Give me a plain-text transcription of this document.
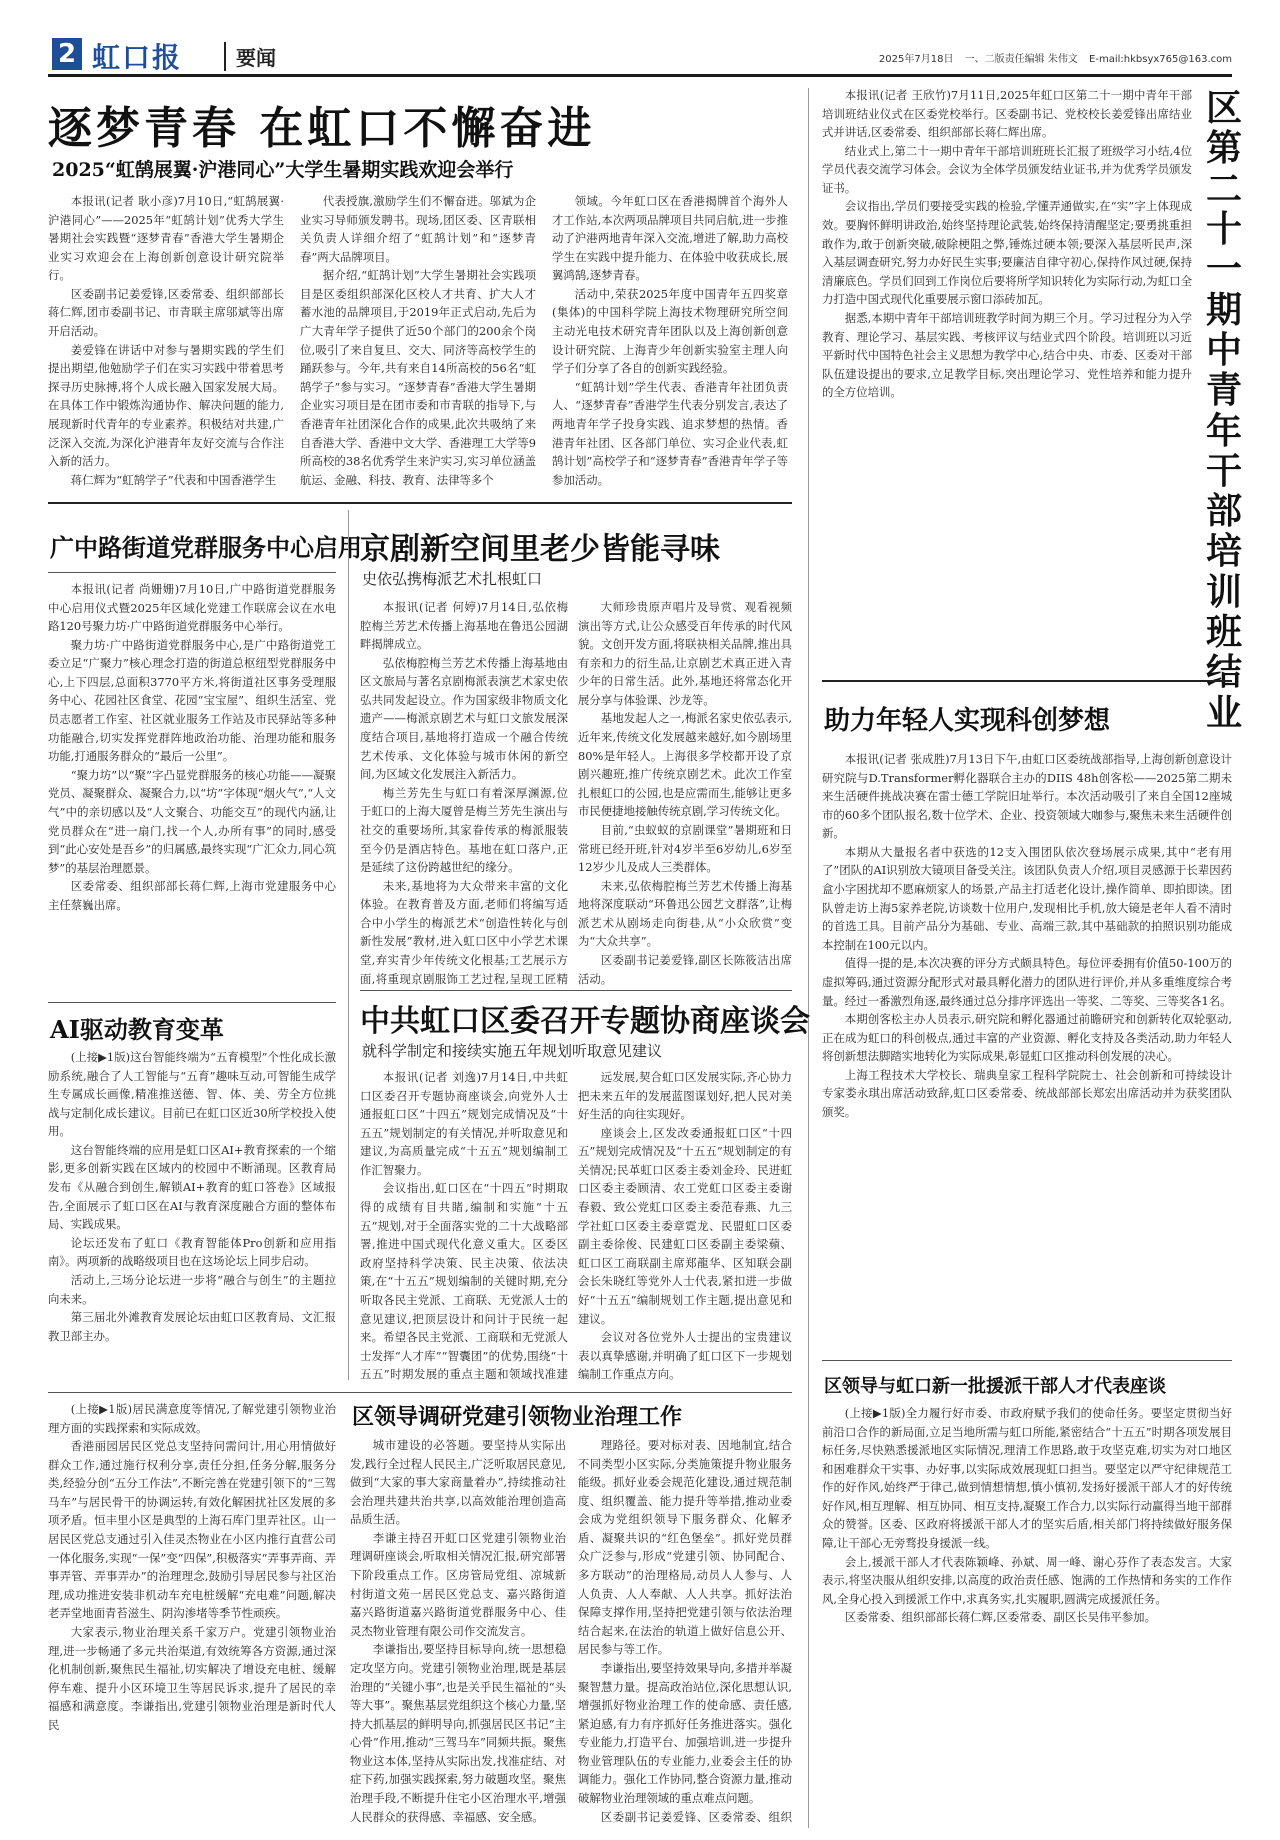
2 虹口报	要闻	2025年7月18日 一、二版责任编辑 朱伟文 E-mail:hkbsyx765@163.com
逐梦青春 在虹口不懈奋进
2025“虹鹄展翼·沪港同心”大学生暑期实践欢迎会举行

本报讯(记者 耿小彦)7月10日,“虹鹄展翼·沪港同心”——2025年“虹鹄计划”优秀大学生暑期社会实践暨“逐梦青春”香港大学生暑期企业实习欢迎会在上海创新创意设计研究院举行。

区委副书记姜爱锋,区委常委、组织部部长蒋仁辉,团市委副书记、市青联主席邬斌等出席开启活动。

姜爱锋在讲话中对参与暑期实践的学生们提出期望,他勉励学子们在实习实践中带着思考探寻历史脉搏,将个人成长融入国家发展大局。在具体工作中锻炼沟通协作、解决问题的能力,展现新时代青年的专业素养。积极结对共建,广泛深入交流,为深化沪港青年友好交流与合作注入新的活力。

蒋仁辉为“虹鹄学子”代表和中国香港学生

代表授旗,激励学生们不懈奋进。邬斌为企业实习导师颁发聘书。现场,团区委、区青联相关负责人详细介绍了“虹鹄计划”和“逐梦青春”两大品牌项目。

据介绍,“虹鹄计划”大学生暑期社会实践项目是区委组织部深化区校人才共育、扩大人才蓄水池的品牌项目,于2019年正式启动,先后为广大青年学子提供了近50个部门的200余个岗位,吸引了来自复旦、交大、同济等高校学生的踊跃参与。今年,共有来自14所高校的56名“虹鹄学子”参与实习。“逐梦青春”香港大学生暑期企业实习项目是在团市委和市青联的指导下,与香港青年社团深化合作的成果,此次共吸纳了来自香港大学、香港中文大学、香港理工大学等9所高校的38名优秀学生来沪实习,实习单位涵盖航运、金融、科技、教育、法律等多个

领域。今年虹口区在香港揭牌首个海外人才工作站,本次两项品牌项目共同启航,进一步推动了沪港两地青年深入交流,增进了解,助力高校学生在实践中提升能力、在体验中收获成长,展翼鸿鹄,逐梦青春。

活动中,荣获2025年度中国青年五四奖章(集体)的中国科学院上海技术物理研究所空间主动光电技术研究青年团队以及上海创新创意设计研究院、上海青少年创新实验室主理人向学子们分享了各自的创新实践经验。

“虹鹄计划”学生代表、香港青年社团负责人、“逐梦青春”香港学生代表分别发言,表达了两地青年学子投身实践、追求梦想的热情。香港青年社团、区各部门单位、实习企业代表,虹鹄计划”高校学子和“逐梦青春”香港青年学子等参加活动。

本报讯(记者 王欣竹)7月11日,2025年虹口区第二十一期中青年干部培训班结业仪式在区委党校举行。区委副书记、党校校长姜爱锋出席结业式并讲话,区委常委、组织部部长蒋仁辉出席。

结业式上,第二十一期中青年干部培训班班长汇报了班级学习小结,4位学员代表交流学习体会。会议为全体学员颁发结业证书,并为优秀学员颁发证书。

会议指出,学员们要接受实践的检验,学懂弄通做实,在“实”字上体现成效。要胸怀鲜明讲政治,始终坚持理论武装,始终保持清醒坚定;要勇挑重担敢作为,敢于创新突破,破除梗阻之弊,锤炼过硬本领;要深入基层听民声,深入基层调查研究,努力办好民生实事;要廉洁自律守初心,保持作风过硬,保持清廉底色。学员们回到工作岗位后要将所学知识转化为实际行动,为虹口全力打造中国式现代化重要展示窗口添砖加瓦。

据悉,本期中青年干部培训班教学时间为期三个月。学习过程分为入学教育、理论学习、基层实践、考核评议与结业式四个阶段。培训班以习近平新时代中国特色社会主义思想为教学中心,结合中央、市委、区委对干部队伍建设提出的要求,立足教学目标,突出理论学习、党性培养和能力提升的全方位培训。

区第二十一期中青年干部培训班结业
助力年轻人实现科创梦想

本报讯(记者 张成胜)7月13日下午,由虹口区委统战部指导,上海创新创意设计研究院与D.Transformer孵化器联合主办的DIIS 48h创客松——2025第二期未来生活硬件挑战决赛在雷士德工学院旧址举行。本次活动吸引了来自全国12座城市的60多个团队报名,数十位学术、企业、投资领域大咖参与,聚焦未来生活硬件创新。

本期从大量报名者中获选的12支入围团队依次登场展示成果,其中“老有用了”团队的AI识别放大镜项目备受关注。该团队负责人介绍,项目灵感源于长辈因药盒小字困扰却不愿麻烦家人的场景,产品主打适老化设计,操作简单、即拍即读。团队曾走访上海5家养老院,访谈数十位用户,发现相比手机,放大镜是老年人看不清时的首选工具。目前产品分为基础、专业、高端三款,其中基础款的拍照识别功能成本控制在100元以内。

值得一提的是,本次决赛的评分方式颇具特色。每位评委拥有价值50-100万的虚拟筹码,通过资源分配形式对最具孵化潜力的团队进行评价,并从多重维度综合考量。经过一番激烈角逐,最终通过总分排序评选出一等奖、二等奖、三等奖各1名。

本期创客松主办人员表示,研究院和孵化器通过前瞻研究和创新转化双轮驱动,正在成为虹口的科创极点,通过丰富的产业资源、孵化支持及各类活动,助力年轻人将创新想法脚踏实地转化为实际成果,彰显虹口区推动科创发展的决心。

上海工程技术大学校长、瑞典皇家工程科学院院士、社会创新和可持续设计专家娄永琪出席活动致辞,虹口区委常委、统战部部长郑宏出席活动并为获奖团队颁奖。

区领导与虹口新一批援派干部人才代表座谈

(上接▶1版)全力履行好市委、市政府赋予我们的使命任务。要坚定贯彻当好前沿口合作的新局面,立足当地所需与虹口所能,紧密结合“十五五”时期各项发展目标任务,尽快熟悉援派地区实际情况,理清工作思路,敢于攻坚克难,切实为对口地区和困难群众干实事、办好事,以实际成效展现虹口担当。要坚定以严守纪律规范工作的好作风,始终严于律己,做到情想情想,慎小慎初,发扬好援派干部人才的好传统好作风,相互理解、相互协同、相互支持,凝聚工作合力,以实际行动赢得当地干部群众的赞誉。区委、区政府将援派干部人才的坚实后盾,相关部门将持续做好服务保障,让干部心无旁骛投身援派一线。

会上,援派干部人才代表陈颖峰、孙斌、周一峰、谢心芬作了表态发言。大家表示,将坚决服从组织安排,以高度的政治责任感、饱满的工作热情和务实的工作作风,全身心投入到援派工作中,求真务实,扎实履职,圆满完成援派任务。

区委常委、组织部部长蒋仁辉,区委常委、副区长吴伟平参加。

广中路街道党群服务中心启用

本报讯(记者 尚姗姗)7月10日,广中路街道党群服务中心启用仪式暨2025年区域化党建工作联席会议在水电路120号聚力坊·广中路街道党群服务中心举行。

聚力坊·广中路街道党群服务中心,是广中路街道党工委立足“广聚力”核心理念打造的街道总枢纽型党群服务中心,上下四层,总面积3770平方米,将街道社区事务受理服务中心、花园社区食堂、花园“宝宝屋”、组织生活室、党员志愿者工作室、社区就业服务工作站及市民驿站等多种功能融合,切实发挥党群阵地政治功能、治理功能和服务功能,打通服务群众的“最后一公里”。

“聚力坊”以“聚”字凸显党群服务的核心功能——凝聚党员、凝聚群众、凝聚合力,以“坊”字体现“烟火气”,“人文气”中的亲切感以及“人文聚合、功能交互”的现代内涵,让党员群众在“进一扇门,找一个人,办所有事”的同时,感受到“此心安处是吾乡”的归属感,最终实现“广汇众力,同心筑梦”的基层治理愿景。

区委常委、组织部部长蒋仁辉,上海市党建服务中心主任蔡巍出席。

AI驱动教育变革

(上接▶1版)这台智能终端为“五育模型”个性化成长激励系统,融合了人工智能与“五育”趣味互动,可智能生成学生专属成长画像,精准推送德、智、体、美、劳全方位挑战与定制化成长建议。目前已在虹口区近30所学校投入使用。

这台智能终端的应用是虹口区AI+教育探索的一个缩影,更多创新实践在区域内的校园中不断涌现。区教育局发布《从融合到创生,解锁AI+教育的虹口答卷》区域报告,全面展示了虹口区在AI与教育深度融合方面的整体布局、实践成果。

论坛还发布了虹口《教育智能体Pro创新和应用指南》。两项新的战略级项目也在这场论坛上同步启动。

活动上,三场分论坛进一步将“融合与创生”的主题拉向未来。

第三届北外滩教育发展论坛由虹口区教育局、文汇报教卫部主办。

京剧新空间里老少皆能寻味
史依弘携梅派艺术扎根虹口

本报讯(记者 何婷)7月14日,弘依梅腔梅兰芳艺术传播上海基地在鲁迅公园湖畔揭牌成立。

弘依梅腔梅兰芳艺术传播上海基地由区文旅局与著名京剧梅派表演艺术家史依弘共同发起设立。作为国家级非物质文化遗产——梅派京剧艺术与虹口文旅发展深度结合项目,基地将打造成一个融合传统艺术传承、文化体验与城市休闲的新空间,为区域文化发展注入新活力。

梅兰芳先生与虹口有着深厚渊源,位于虹口的上海大厦曾是梅兰芳先生演出与社交的重要场所,其家眷传承的梅派服装至今仍是酒店特色。基地在虹口落户,正是延续了这份跨越世纪的缘分。

未来,基地将为大众带来丰富的文化体验。在教育普及方面,老师们将编写适合中小学生的梅派艺术“创造性转化与创新性发展”教材,进入虹口区中小学艺术课堂,弃实青少年传统文化根基;工艺展示方面,将重现京剧服饰工艺过程,呈现工匠精

大师珍贵原声唱片及导赏、观看视频演出等方式,让公众感受百年传承的时代风貌。文创开发方面,将联袂相关品牌,推出具有亲和力的衍生品,让京剧艺术真正进入青少年的日常生活。此外,基地还将常态化开展分享与体验课、沙龙等。

基地发起人之一,梅派名家史依弘表示,近年来,传统文化发展越来越好,如今剧场里80%是年轻人。上海很多学校都开设了京剧兴趣班,推广传统京剧艺术。此次工作室扎根虹口的公园,也是应需而生,能够让更多市民便捷地接触传统京剧,学习传统文化。

目前,“虫蚁蚁的京剧课堂”暑期班和日常班已经开班,针对4岁半至6岁幼儿,6岁至12岁少儿及成人三类群体。

未来,弘依梅腔梅兰芳艺术传播上海基地将深度联动“环鲁迅公园艺文群落”,让梅派艺术从剧场走向街巷,从“小众欣赏”变为“大众共享”。

区委副书记姜爱锋,副区长陈筱洁出席活动。

中共虹口区委召开专题协商座谈会
就科学制定和接续实施五年规划听取意见建议

本报讯(记者 刘逸)7月14日,中共虹口区委召开专题协商座谈会,向党外人士通报虹口区“十四五”规划完成情况及“十五五”规划制定的有关情况,并听取意见和建议,为高质量完成“十五五”规划编制工作汇智聚力。

会议指出,虹口区在“十四五”时期取得的成绩有目共睹,编制和实施“十五五”规划,对于全面落实党的二十大战略部署,推进中国式现代化意义重大。区委区政府坚持科学决策、民主决策、依法决策,在“十五五”规划编制的关键时期,充分听取各民主党派、工商联、无党派人士的意见建议,把顶层设计和问计于民统一起来。希望各民主党派、工商联和无党派人士发挥“人才库”“智囊团”的优势,围绕“十五五”时期发展的重点主题和领域找准建

远发展,契合虹口区发展实际,齐心协力把未来五年的发展蓝图谋划好,把人民对美好生活的向往实现好。

座谈会上,区发改委通报虹口区“十四五”规划完成情况及“十五五”规划制定的有关情况;民革虹口区委主委刘金玲、民进虹口区委主委顾清、农工党虹口区委主委谢春毅、致公党虹口区委主委范春燕、九三学社虹口区委主委章霓龙、民盟虹口区委副主委徐俊、民建虹口区委副主委梁蘋、虹口区工商联副主席郑龍华、区知联会副会长朱晓红等党外人士代表,紧扣进一步做好“十五五”编制规划工作主题,提出意见和建议。

会议对各位党外人士提出的宝贵建议表以真挚感谢,并明确了虹口区下一步规划编制工作重点方向。

(上接▶1版)居民满意度等情况,了解党建引领物业治理方面的实践探索和实际成效。

香港丽园居民区党总支坚持问需问计,用心用情做好群众工作,通过施行权利分享,责任分担,任务分解,服务分类,经验分创“五分工作法”,不断完善在党建引领下的“三驾马车”与居民骨干的协调运转,有效化解困扰社区发展的多项矛盾。恒丰里小区是典型的上海石库门里弄社区。山一居民区党总支通过引入佳灵杰物业在小区内推行直营公司一体化服务,实现“一保”变“四保”,积极落实“弄事弄商、弄事弄管、弄事弄办”的治理理念,鼓励引导居民参与社区治理,成功推进安装非机动车充电桩缓解“充电难”问题,解决老弄堂地面青苔滋生、阴沟渗堵等季节性顽疾。

大家表示,物业治理关系千家万户。党建引领物业治理,进一步畅通了多元共治渠道,有效统筹各方资源,通过深化机制创新,聚焦民生福祉,切实解决了增设充电桩、缓解停车难、提升小区环境卫生等居民诉求,提升了居民的幸福感和满意度。李谦指出,党建引领物业治理是新时代人民

区领导调研党建引领物业治理工作

城市建设的必答题。要坚持从实际出发,践行全过程人民民主,广泛听取居民意见,做到“大家的事大家商量着办”,持续推动社会治理共建共治共享,以高效能治理创造高品质生活。

李谦主持召开虹口区党建引领物业治理调研座谈会,听取相关情况汇报,研究部署下阶段重点工作。区房管局党组、凉城新村街道文苑一居民区党总支、嘉兴路街道嘉兴路街道嘉兴路街道党群服务中心、佳灵杰物业管理有限公司作交流发言。

李谦指出,要坚持目标导向,统一思想稳定攻坚方向。党建引领物业治理,既是基层治理的“关键小事”,也是关乎民生福祉的“头等大事”。聚焦基层党组织这个核心力量,坚持大抓基层的鲜明导向,抓强居民区书记“主心骨”作用,推动“三驾马车”同频共振。聚焦物业这本体,坚持从实际出发,找准症结、对症下药,加强实践探索,努力破题攻坚。聚焦治理手段,不断提升住宅小区治理水平,增强人民群众的获得感、幸福感、安全感。

理路径。要对标对表、因地制宜,结合不同类型小区实际,分类施策提升物业服务能级。抓好业委会规范化建设,通过规范制度、组织覆盖、能力提升等举措,推动业委会成为党组织领导下服务群众、化解矛盾、凝聚共识的“红色堡垒”。抓好党员群众广泛参与,形成“党建引领、协同配合、多方联动”的治理格局,动员人人参与、人人负责、人人奉献、人人共享。抓好法治保障支撑作用,坚持把党建引领与依法治理结合起来,在法治的轨道上做好信息公开、居民参与等工作。

李谦指出,要坚持效果导向,多措并举凝聚智慧力量。提高政治站位,深化思想认识,增强抓好物业治理工作的使命感、责任感,紧迫感,有力有序抓好任务推进落实。强化专业能力,打造平台、加强培训,进一步提升物业管理队伍的专业能力,业委会主任的协调能力。强化工作协同,整合资源力量,推动破解物业治理领域的重点难点问题。

区委副书记姜爱锋、区委常委、组织
